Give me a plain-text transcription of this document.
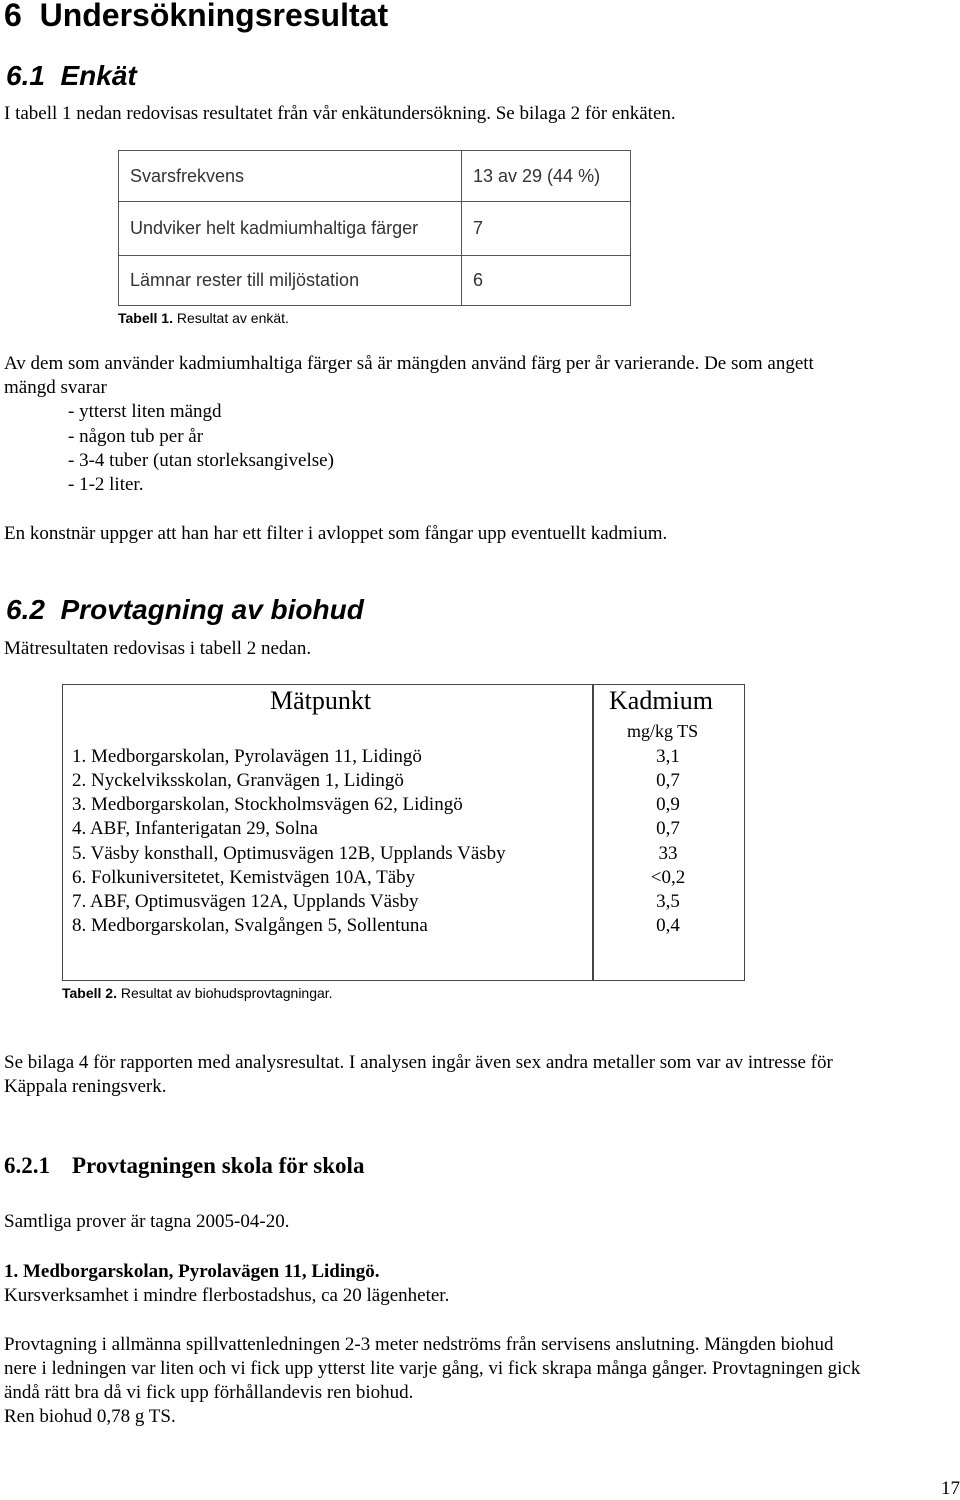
6 Undersökningsresultat
6.1 Enkät
I tabell 1 nedan redovisas resultatet från vår enkätundersökning. Se bilaga 2 för enkäten.
Svarsfrekvens	13 av 29 (44 %)
Undviker helt kadmiumhaltiga färger	7
Lämnar rester till miljöstation	6
Tabell 1. Resultat av enkät.
Av dem som använder kadmiumhaltiga färger så är mängden använd färg per år varierande. De som angett
mängd svarar
- ytterst liten mängd
- någon tub per år
- 3-4 tuber (utan storleksangivelse)
- 1-2 liter.
En konstnär uppger att han har ett filter i avloppet som fångar upp eventuellt kadmium.
6.2 Provtagning av biohud
Mätresultaten redovisas i tabell 2 nedan.
Mätpunkt	Kadmium
mg/kg TS
1. Medborgarskolan, Pyrolavägen 11, Lidingö	3,1
2. Nyckelviksskolan, Granvägen 1, Lidingö	0,7
3. Medborgarskolan, Stockholmsvägen 62, Lidingö	0,9
4. ABF, Infanterigatan 29, Solna	0,7
5. Väsby konsthall, Optimusvägen 12B, Upplands Väsby	33
6. Folkuniversitetet, Kemistvägen 10A, Täby	<0,2
7. ABF, Optimusvägen 12A, Upplands Väsby	3,5
8. Medborgarskolan, Svalgången 5, Sollentuna	0,4
Tabell 2. Resultat av biohudsprovtagningar.
Se bilaga 4 för rapporten med analysresultat. I analysen ingår även sex andra metaller som var av intresse för
Käppala reningsverk.
6.2.1 Provtagningen skola för skola
Samtliga prover är tagna 2005-04-20.
1. Medborgarskolan, Pyrolavägen 11, Lidingö.
Kursverksamhet i mindre flerbostadshus, ca 20 lägenheter.
Provtagning i allmänna spillvattenledningen 2-3 meter nedströms från servisens anslutning. Mängden biohud
nere i ledningen var liten och vi fick upp ytterst lite varje gång, vi fick skrapa många gånger. Provtagningen gick
ändå rätt bra då vi fick upp förhållandevis ren biohud.
Ren biohud 0,78 g TS.
17
